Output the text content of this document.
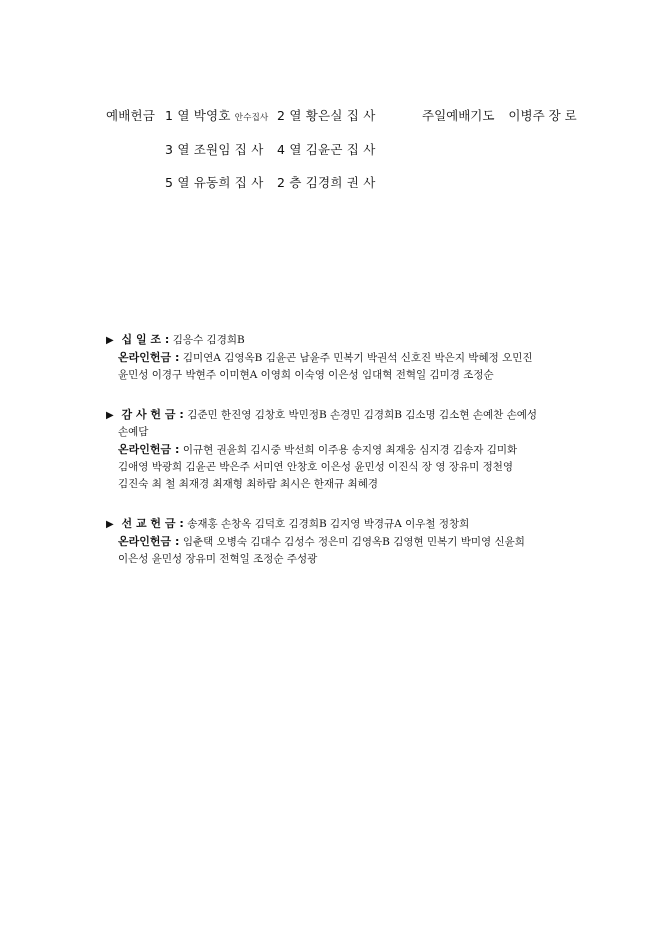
예배헌금 1 열 박영호 안수집사 2 열 황은실 집 사
3 열 조원임 집 사 4 열 김윤곤 집 사
5 열 유동희 집 사 2 층 김경희 권 사
주일예배기도 이병주 장 로
▶ 십 일 조 : 김응수 김경희B
온라인헌금 : 김미연A 김영옥B 김윤곤 남윤주 민복기 박권석 신호진 박은지 박혜정 오민진
윤민성 이경구 박현주 이미현A 이영희 이숙영 이은성 임대혁 전혁일 김미경 조정순
▶ 감 사 헌 금 : 김준민 한진영 김창호 박민정B 손경민 김경희B 김소명 김소현 손예찬 손예성
손예담
온라인헌금 : 이규현 권윤희 김시중 박선희 이주용 송지영 최재웅 심지경 김송자 김미화
김애영 박광희 김윤곤 박은주 서미연 안창호 이은성 윤민성 이진식 장 영 장유미 정천영
김진숙 최 철 최재경 최재형 최하람 최시은 한재규 최혜경
▶ 선 교 헌 금 : 송재홍 손창옥 김덕호 김경희B 김지영 박경규A 이우철 정창희
온라인헌금 : 임춘택 오병숙 김대수 김성수 정은미 김영옥B 김영현 민복기 박미영 신윤희
이은성 윤민성 장유미 전혁일 조정순 주성광
